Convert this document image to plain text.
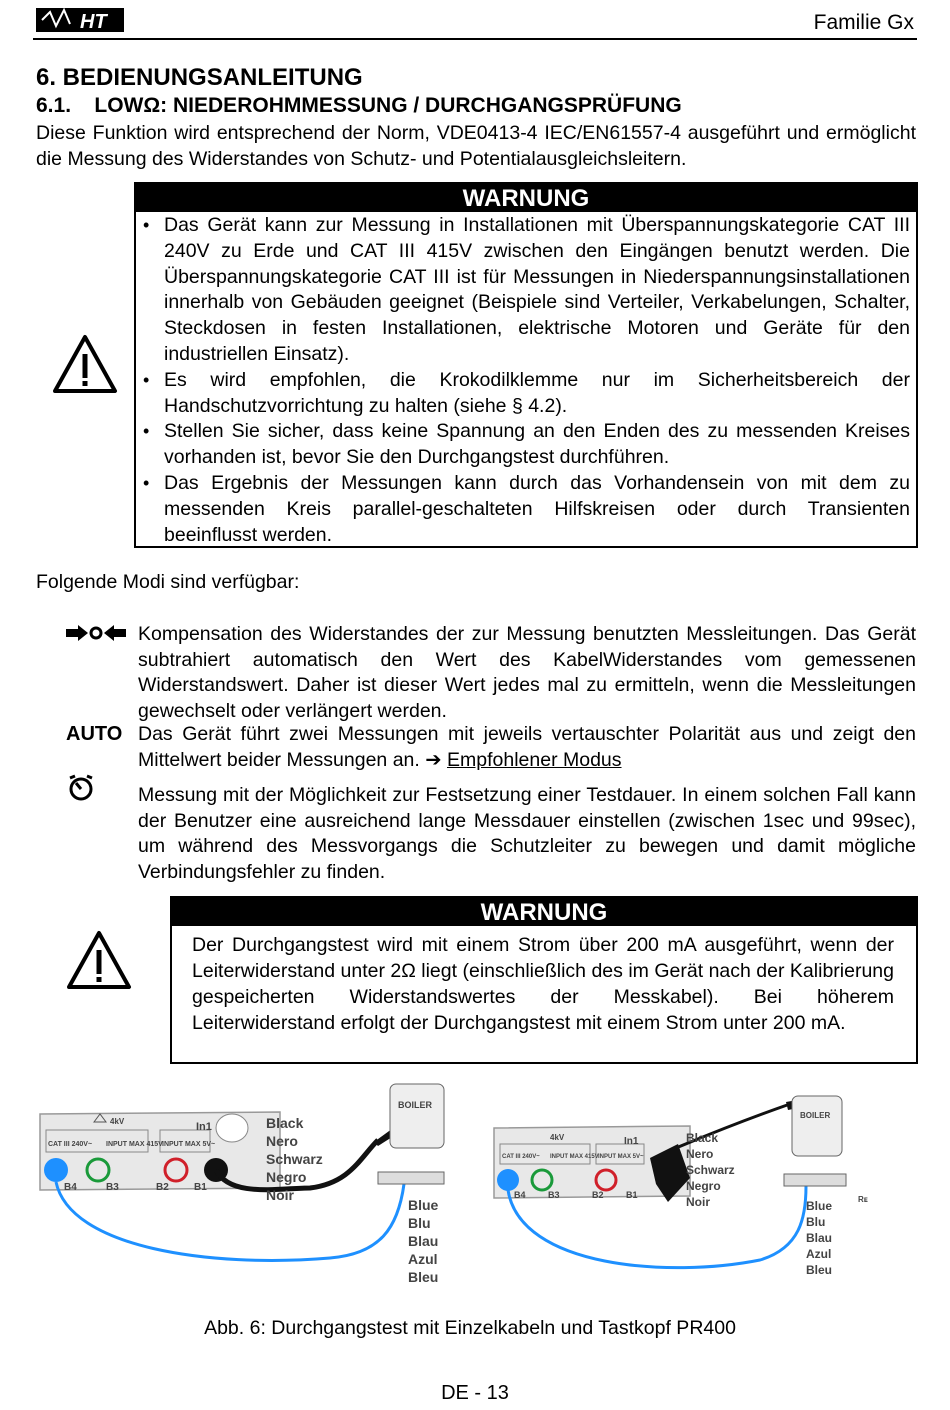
HT	Familie Gx
6. BEDIENUNGSANLEITUNG
6.1.    LOWΩ: NIEDEROHMMESSUNG / DURCHGANGSPRÜFUNG
Diese Funktion wird entsprechend der Norm, VDE0413-4 IEC/EN61557-4 ausgeführt und ermöglicht die Messung des Widerstandes von Schutz- und Potentialausgleichsleitern.
WARNUNG
• Das Gerät kann zur Messung in Installationen mit Überspannungskategorie CAT III 240V zu Erde und CAT III 415V zwischen den Eingängen benutzt werden. Die Überspannungskategorie CAT III ist für Messungen in Niederspannungsinstallationen innerhalb von Gebäuden geeignet (Beispiele sind Verteiler, Verkabelungen, Schalter, Steckdosen in festen Installationen, elektrische Motoren und Geräte für den industriellen Einsatz).
• Es wird empfohlen, die Krokodilklemme nur im Sicherheitsbereich der Handschutzvorrichtung zu halten (siehe § 4.2).
• Stellen Sie sicher, dass keine Spannung an den Enden des zu messenden Kreises vorhanden ist, bevor Sie den Durchgangstest durchführen.
• Das Ergebnis der Messungen kann durch das Vorhandensein von mit dem zu messenden Kreis parallel-geschalteten Hilfskreisen oder durch Transienten beeinflusst werden.
Folgende Modi sind verfügbar:
Kompensation des Widerstandes der zur Messung benutzten Messleitungen. Das Gerät subtrahiert automatisch den Wert des KabelWiderstandes vom gemessenen Widerstandswert. Daher ist dieser Wert jedes mal zu ermitteln, wenn die Messleitungen gewechselt oder verlängert werden.
AUTO Das Gerät führt zwei Messungen mit jeweils vertauschter Polarität aus und zeigt den Mittelwert beider Messungen an. ➔ Empfohlener Modus
Messung mit der Möglichkeit zur Festsetzung einer Testdauer. In einem solchen Fall kann der Benutzer eine ausreichend lange Messdauer einstellen (zwischen 1sec und 99sec), um während des Messvorgangs die Schutzleiter zu bewegen und damit mögliche Verbindungsfehler zu finden.
WARNUNG
Der Durchgangstest wird mit einem Strom über 200 mA ausgeführt, wenn der Leiterwiderstand unter 2Ω liegt (einschließlich des im Gerät nach der Kalibrierung gespeicherten Widerstandswertes der Messkabel). Bei höherem Leiterwiderstand erfolgt der Durchgangstest mit einem Strom unter 200 mA.
4kV
CAT III 240V~ INPUT MAX 415V INPUT MAX 5V~
In1
B4	B3	B2	B1
Black
Nero
Schwarz
Negro
Noir
BOILER
Blue
Blu
Blau
Azul
Bleu
4kV
CAT III 240V~ INPUT MAX 415V INPUT MAX 5V~
In1
B4 B3	B2 B1
Black
Nero
Schwarz
Negro
Noir
BOILER
Rᴇ
Blue
Blu
Blau
Azul
Bleu
Abb. 6: Durchgangstest mit Einzelkabeln und Tastkopf PR400
DE - 13
